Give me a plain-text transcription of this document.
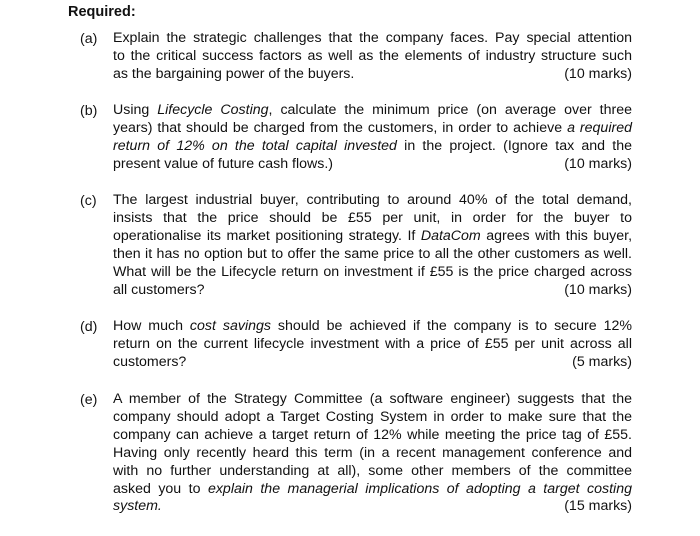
Required:
(a)	Explain the strategic challenges that the company faces. Pay special attention
to the critical success factors as well as the elements of industry structure such
as the bargaining power of the buyers.	(10 marks)
(b)	Using Lifecycle Costing, calculate the minimum price (on average over three
years) that should be charged from the customers, in order to achieve a required
return of 12% on the total capital invested in the project. (Ignore tax and the
present value of future cash flows.)	(10 marks)
(c)	The largest industrial buyer, contributing to around 40% of the total demand,
insists that the price should be £55 per unit, in order for the buyer to
operationalise its market positioning strategy. If DataCom agrees with this buyer,
then it has no option but to offer the same price to all the other customers as well.
What will be the Lifecycle return on investment if £55 is the price charged across
all customers?	(10 marks)
(d)	How much cost savings should be achieved if the company is to secure 12%
return on the current lifecycle investment with a price of £55 per unit across all
customers?	(5 marks)
(e)	A member of the Strategy Committee (a software engineer) suggests that the
company should adopt a Target Costing System in order to make sure that the
company can achieve a target return of 12% while meeting the price tag of £55.
Having only recently heard this term (in a recent management conference and
with no further understanding at all), some other members of the committee
asked you to explain the managerial implications of adopting a target costing
system.	(15 marks)
